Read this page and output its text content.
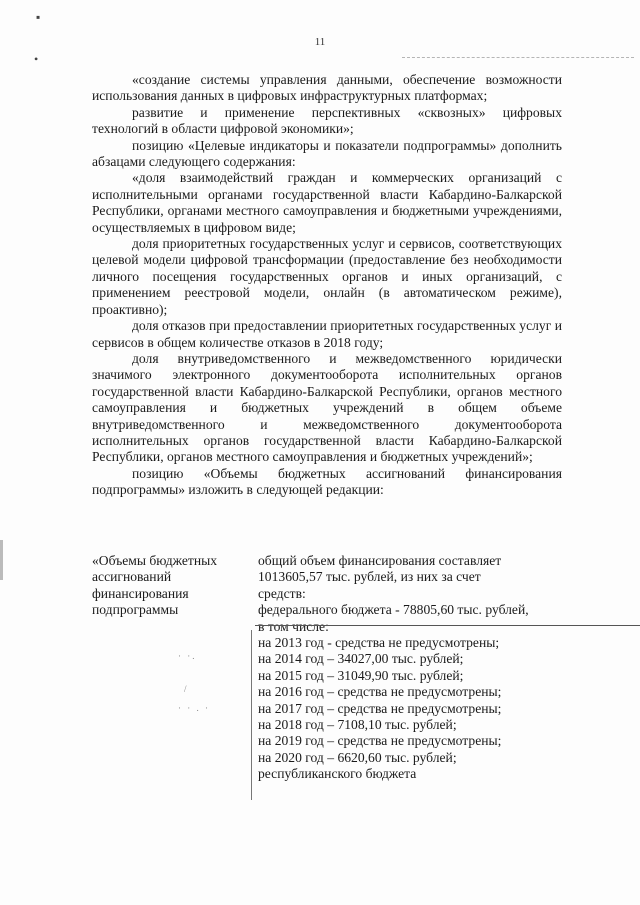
11
▪
•

«создание системы управления данными, обеспечение возможности использования данных в цифровых инфраструктурных платформах;

развитие и применение перспективных «сквозных» цифровых технологий в области цифровой экономики»;

позицию «Целевые индикаторы и показатели подпрограммы» дополнить абзацами следующего содержания:

«доля взаимодействий граждан и коммерческих организаций с исполнительными органами государственной власти Кабардино-Балкарской Республики, органами местного самоуправления и бюджетными учреждениями, осуществляемых в цифровом виде;

доля приоритетных государственных услуг и сервисов, соответствующих целевой модели цифровой трансформации (предоставление без необходимости личного посещения государственных органов и иных организаций, с применением реестровой модели, онлайн (в автоматическом режиме), проактивно);

доля отказов при предоставлении приоритетных государственных услуг и сервисов в общем количестве отказов в 2018 году;

доля внутриведомственного и межведомственного юридически значимого электронного документооборота исполнительных органов государственной власти Кабардино-Балкарской Республики, органов местного самоуправления и бюджетных учреждений в общем объеме внутриведомственного и межведомственного документооборота исполнительных органов государственной власти Кабардино-Балкарской Республики, органов местного самоуправления и бюджетных учреждений»;

позицию «Объемы бюджетных ассигнований финансирования подпрограммы» изложить в следующей редакции:

«Объемы бюджетных
ассигнований
финансирования
подпрограммы
общий объем финансирования составляет
1013605,57 тыс. рублей, из них за счет
средств:
федерального бюджета - 78805,60 тыс. рублей,
в том числе:
на 2013 год - средства не предусмотрены;
на 2014 год – 34027,00 тыс. рублей;
на 2015 год – 31049,90 тыс. рублей;
на 2016 год – средства не предусмотрены;
на 2017 год – средства не предусмотрены;
на 2018 год – 7108,10 тыс. рублей;
на 2019 год – средства не предусмотрены;
на 2020 год – 6620,60 тыс. рублей;
республиканского бюджета
· ·.
/
· · . ·
